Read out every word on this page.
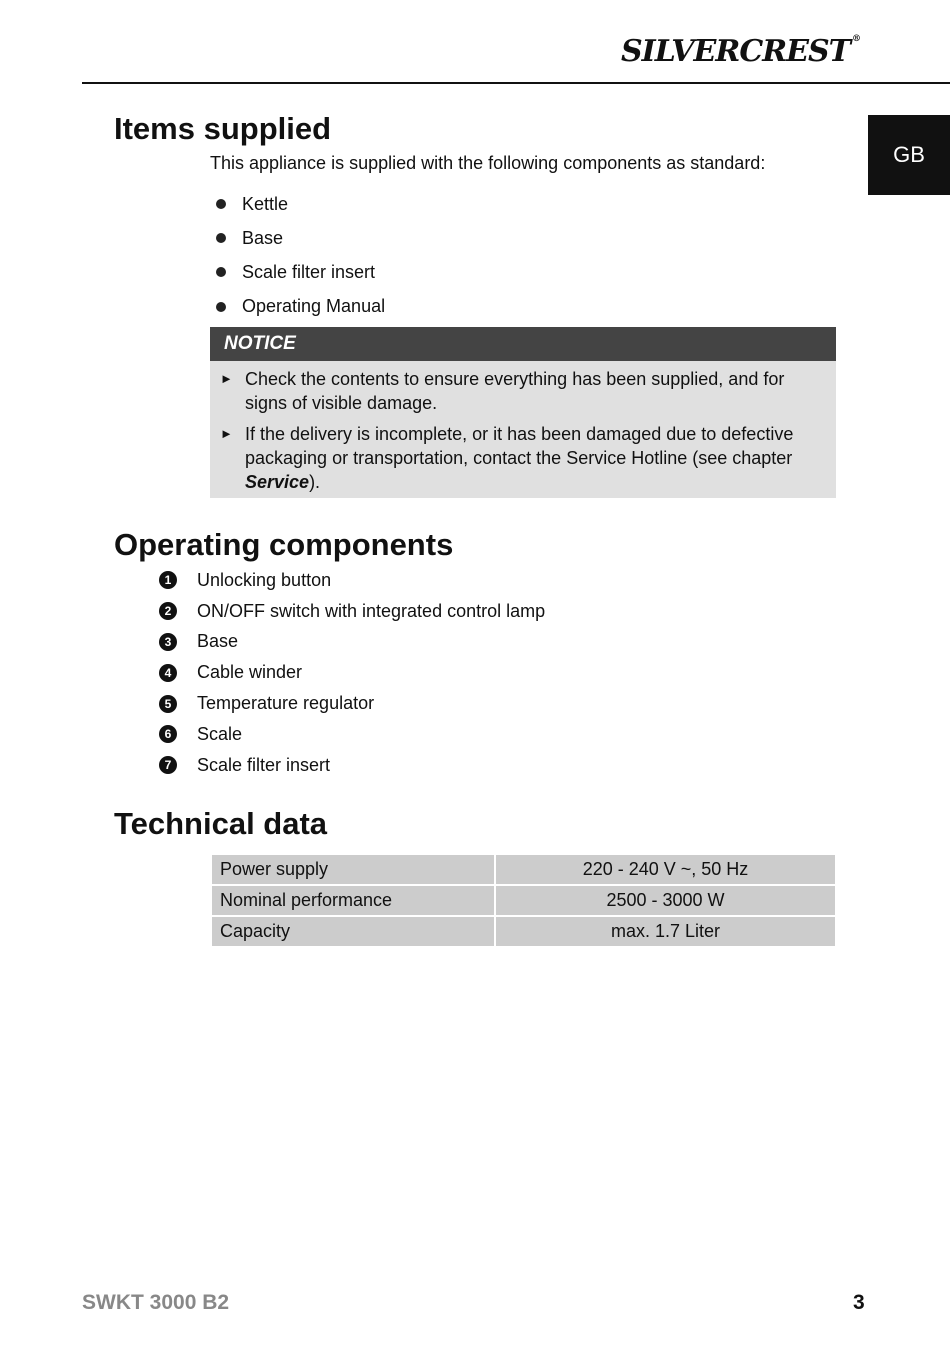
SILVERCREST ®
GB
Items supplied
This appliance is supplied with the following components as standard:
Kettle
Base
Scale filter insert
Operating Manual
NOTICE
► Check the contents to ensure everything has been supplied, and for signs of visible damage.
► If the delivery is incomplete, or it has been damaged due to defective packaging or transportation, contact the Service Hotline (see chapter Service).
Operating components
1	Unlocking button
2	ON/OFF switch with integrated control lamp
3	Base
4	Cable winder
5	Temperature regulator
6	Scale
7	Scale filter insert
Technical data
Power supply	220 - 240 V ~, 50 Hz
Nominal performance	2500 - 3000 W
Capacity	max. 1.7 Liter
SWKT 3000 B2	3
